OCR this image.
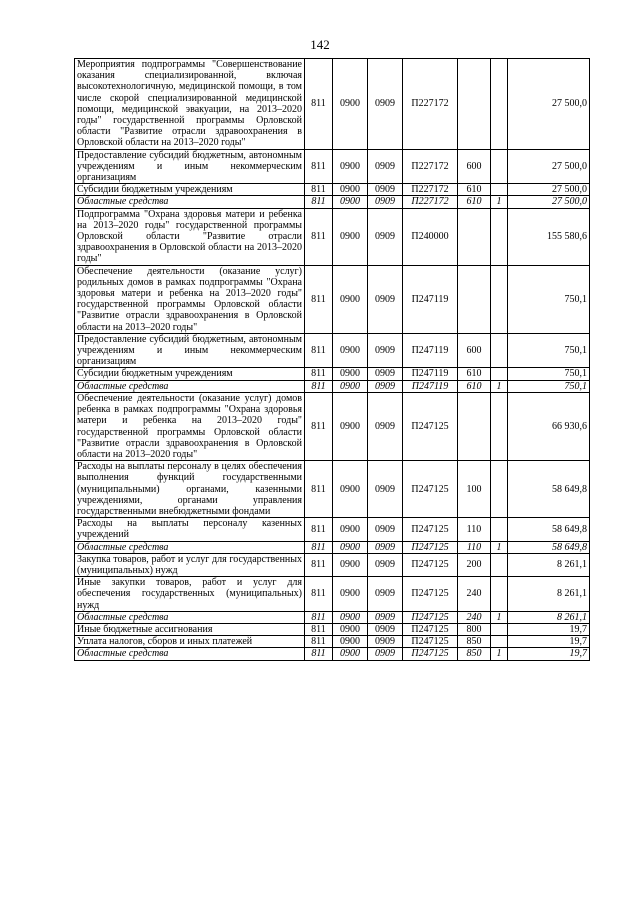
142
Мероприятия подпрограммы "Совершенствование оказания специализированной, включая высокотехнологичную, медицинской помощи, в том числе скорой специализированной медицинской помощи, медицинской эвакуации, на 2013–2020 годы" государственной программы Орловской области "Развитие отрасли здравоохранения в Орловской области на 2013–2020 годы"	811	0900	0909	П227172			27 500,0
Предоставление субсидий бюджетным, автономным учреждениям и иным некоммерческим организациям	811	0900	0909	П227172	600		27 500,0
Субсидии бюджетным учреждениям	811	0900	0909	П227172	610		27 500,0
Областные средства	811	0900	0909	П227172	610	1	27 500,0
Подпрограмма "Охрана здоровья матери и ребенка на 2013–2020 годы" государственной программы Орловской области "Развитие отрасли здравоохранения в Орловской области на 2013–2020 годы"	811	0900	0909	П240000			155 580,6
Обеспечение деятельности (оказание услуг) родильных домов в рамках подпрограммы "Охрана здоровья матери и ребенка на 2013–2020 годы" государственной программы Орловской области "Развитие отрасли здравоохранения в Орловской области на 2013–2020 годы"	811	0900	0909	П247119			750,1
Предоставление субсидий бюджетным, автономным учреждениям и иным некоммерческим организациям	811	0900	0909	П247119	600		750,1
Субсидии бюджетным учреждениям	811	0900	0909	П247119	610		750,1
Областные средства	811	0900	0909	П247119	610	1	750,1
Обеспечение деятельности (оказание услуг) домов ребенка в рамках подпрограммы "Охрана здоровья матери и ребенка на 2013–2020 годы" государственной программы Орловской области "Развитие отрасли здравоохранения в Орловской области на 2013–2020 годы"	811	0900	0909	П247125			66 930,6
Расходы на выплаты персоналу в целях обеспечения выполнения функций государственными (муниципальными) органами, казенными учреждениями, органами управления государственными внебюджетными фондами	811	0900	0909	П247125	100		58 649,8
Расходы на выплаты персоналу казенных учреждений	811	0900	0909	П247125	110		58 649,8
Областные средства	811	0900	0909	П247125	110	1	58 649,8
Закупка товаров, работ и услуг для государственных (муниципальных) нужд	811	0900	0909	П247125	200		8 261,1
Иные закупки товаров, работ и услуг для обеспечения государственных (муниципальных) нужд	811	0900	0909	П247125	240		8 261,1
Областные средства	811	0900	0909	П247125	240	1	8 261,1
Иные бюджетные ассигнования	811	0900	0909	П247125	800		19,7
Уплата налогов, сборов и иных платежей	811	0900	0909	П247125	850		19,7
Областные средства	811	0900	0909	П247125	850	1	19,7
